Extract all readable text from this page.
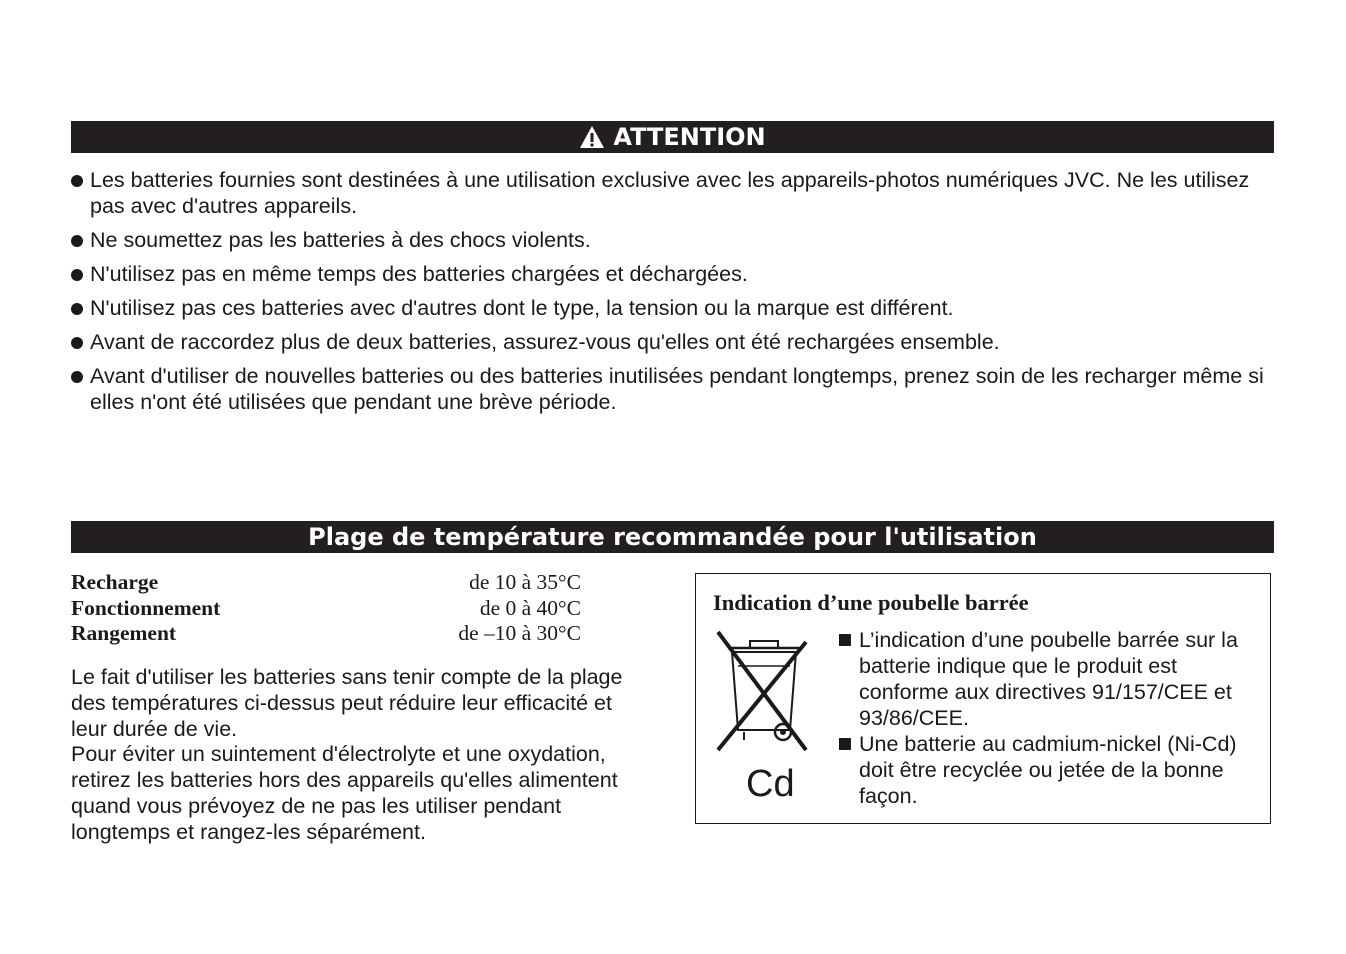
ATTENTION
Les batteries fournies sont destinées à une utilisation exclusive avec les appareils-photos numériques JVC. Ne les utilisez pas avec d'autres appareils.
Ne soumettez pas les batteries à des chocs violents.
N'utilisez pas en même temps des batteries chargées et déchargées.
N'utilisez pas ces batteries avec d'autres dont le type, la tension ou la marque est différent.
Avant de raccordez plus de deux batteries, assurez-vous qu'elles ont été rechargées ensemble.
Avant d'utiliser de nouvelles batteries ou des batteries inutilisées pendant longtemps, prenez soin de les recharger même si elles n'ont été utilisées que pendant une brève période.
Plage de température recommandée pour l'utilisation
Recharge	de 10 à 35°C
Fonctionnement	de 0 à 40°C
Rangement	de –10 à 30°C
Le fait d'utiliser les batteries sans tenir compte de la plage des températures ci-dessus peut réduire leur efficacité et leur durée de vie.
Pour éviter un suintement d'électrolyte et une oxydation, retirez les batteries hors des appareils qu'elles alimentent quand vous prévoyez de ne pas les utiliser pendant longtemps et rangez-les séparément.
Indication d’une poubelle barrée
Cd
L’indication d’une poubelle barrée sur la batterie indique que le produit est conforme aux directives 91/157/CEE et 93/86/CEE.
Une batterie au cadmium-nickel (Ni-Cd) doit être recyclée ou jetée de la bonne façon.
